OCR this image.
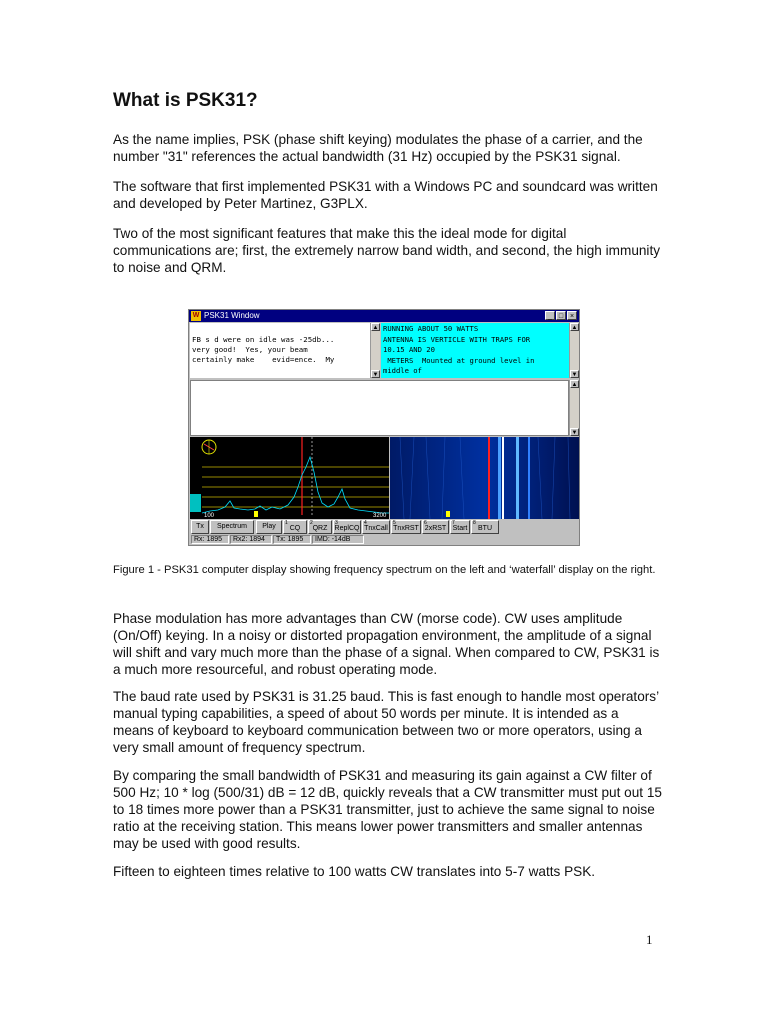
What is PSK31?

As the name implies, PSK (phase shift keying) modulates the phase of a carrier, and the number "31" references the actual bandwidth (31 Hz) occupied by the PSK31 signal.

The software that first implemented PSK31 with a Windows PC and soundcard was written and developed by Peter Martinez, G3PLX.

Two of the most significant features that make this the ideal mode for digital communications are; first, the extremely narrow band width, and second, the high immunity to noise and QRM.

W PSK31 Window	_ □ ×
FB s d were on idle was -25db...
very good!  Yes, your beam
certainly make    evid=ence.  My
▲
▼
RUNNING ABOUT 50 WATTS
ANTENNA IS VERTICLE WITH TRAPS FOR
10.15 AND 20
METERS  Mounted at ground level in
middle of
▲
▼
▲
▼
100	3200
Tx	Spectrum	Play	1
CQ
2
QRZ
3
ReplCQ
4
TnxCall
5
TnxRST
6
2xRST
7
Start
8
BTU
Rx: 1895	Rx2: 1894	Tx: 1895	IMD: -14dB

Figure 1 - PSK31 computer display showing frequency spectrum on the left and ‘waterfall’ display on the right.

Phase modulation has more advantages than CW (morse code). CW uses amplitude (On/Off) keying. In a noisy or distorted propagation environment, the amplitude of a signal will shift and vary much more than the phase of a signal. When compared to CW, PSK31 is a much more resourceful, and robust operating mode.

The baud rate used by PSK31 is 31.25 baud. This is fast enough to handle most operators’ manual typing capabilities, a speed of about 50 words per minute. It is intended as a means of keyboard to keyboard communication between two or more operators, using a very small amount of frequency spectrum.

By comparing the small bandwidth of PSK31 and measuring its gain against a CW filter of 500 Hz; 10 * log (500/31) dB = 12 dB, quickly reveals that a CW transmitter must put out 15 to 18 times more power than a PSK31 transmitter, just to achieve the same signal to noise ratio at the receiving station. This means lower power transmitters and smaller antennas may be used with good results.

Fifteen to eighteen times relative to 100 watts CW translates into 5-7 watts PSK.

1
